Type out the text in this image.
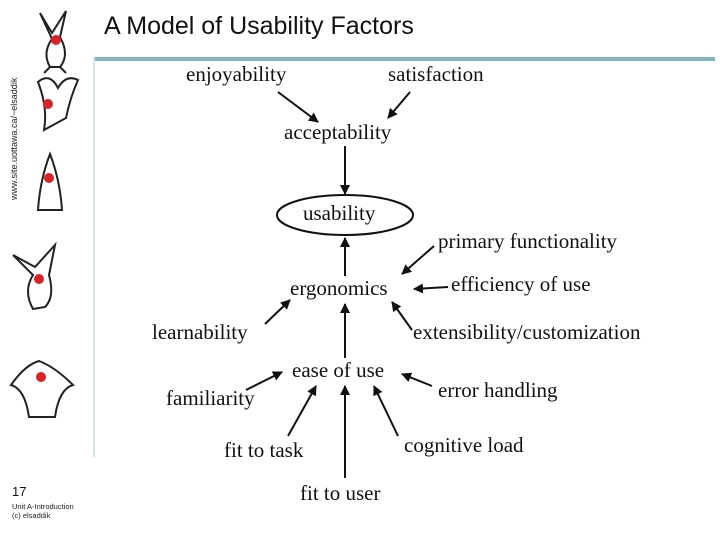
www.site.uottawa.ca/~elsaddik
A Model of Usability Factors
enjoyability	satisfaction
acceptability
usability
primary functionality
ergonomics	efficiency of use
learnability	extensibility/customization
ease of use
familiarity	error handling
fit to task	cognitive load
fit to user
17
Unit A-Introduction
(c) elsaddik
